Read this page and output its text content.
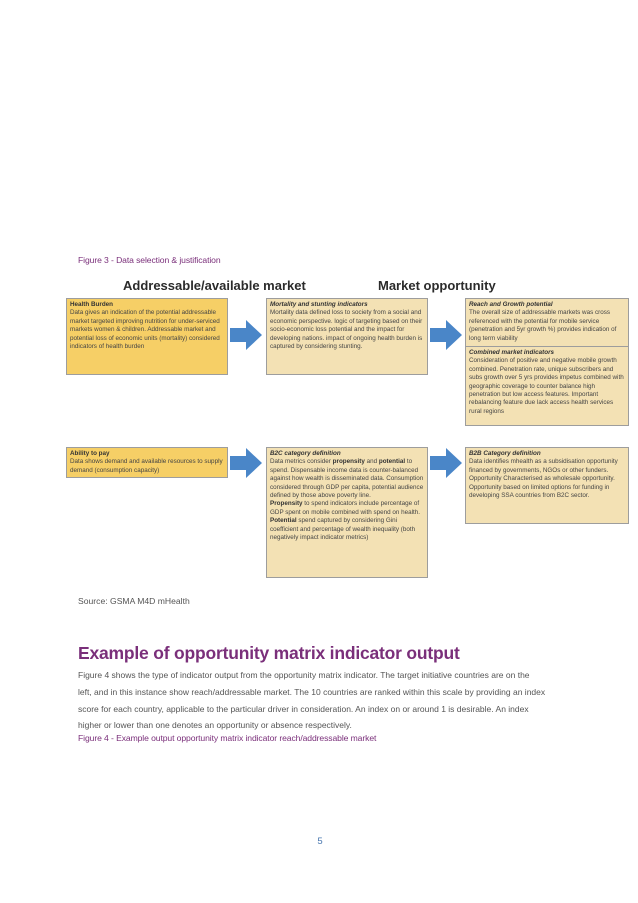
Figure 3 - Data selection & justification
Addressable/available market	Market opportunity
Health Burden
Data gives an indication of the potential addressable market targeted improving nutrition for under-serviced markets women & children. Addressable market and potential loss of economic units (mortality) considered indicators of health burden
Mortality and stunting indicators
Mortality data defined loss to society from a social and economic perspective. logic of targeting based on their socio-economic loss potential and the impact for developing nations. impact of ongoing health burden is captured by considering stunting.
Reach and Growth potential
The overall size of addressable markets was cross referenced with the potential for mobile service (penetration and 5yr growth %) provides indication of long term viability
Combined market indicators
Consideration of positive and negative mobile growth combined. Penetration rate, unique subscribers and subs growth over 5 yrs provides impetus combined with geographic coverage to counter balance high penetration but low access features. Important rebalancing feature due lack access health services rural regions
Ability to pay
Data shows demand and available resources to supply demand (consumption capacity)
B2C category definition
Data metrics consider propensity and potential to spend. Dispensable income data is counter-balanced against how wealth is disseminated data. Consumption considered through GDP per capita, potential audience defined by those above poverty line.
Propensity to spend indicators include percentage of GDP spent on mobile combined with spend on health.
Potential spend captured by considering Gini coefficient and percentage of wealth inequality (both negatively impact indicator metrics)
B2B Category definition
Data identifies mhealth as a subsidisation opportunity financed by governments, NGOs or other funders. Opportunity Characterised as wholesale opportunity. Opportunity based on limited options for funding in developing SSA countries from B2C sector.
Source: GSMA M4D mHealth
Example of opportunity matrix indicator output
Figure 4 shows the type of indicator output from the opportunity matrix indicator. The target initiative countries are on the
left, and in this instance show reach/addressable market. The 10 countries are ranked within this scale by providing an index
score for each country, applicable to the particular driver in consideration. An index on or around 1 is desirable. An index
higher or lower than one denotes an opportunity or absence respectively.
Figure 4 - Example output opportunity matrix indicator reach/addressable market
5
